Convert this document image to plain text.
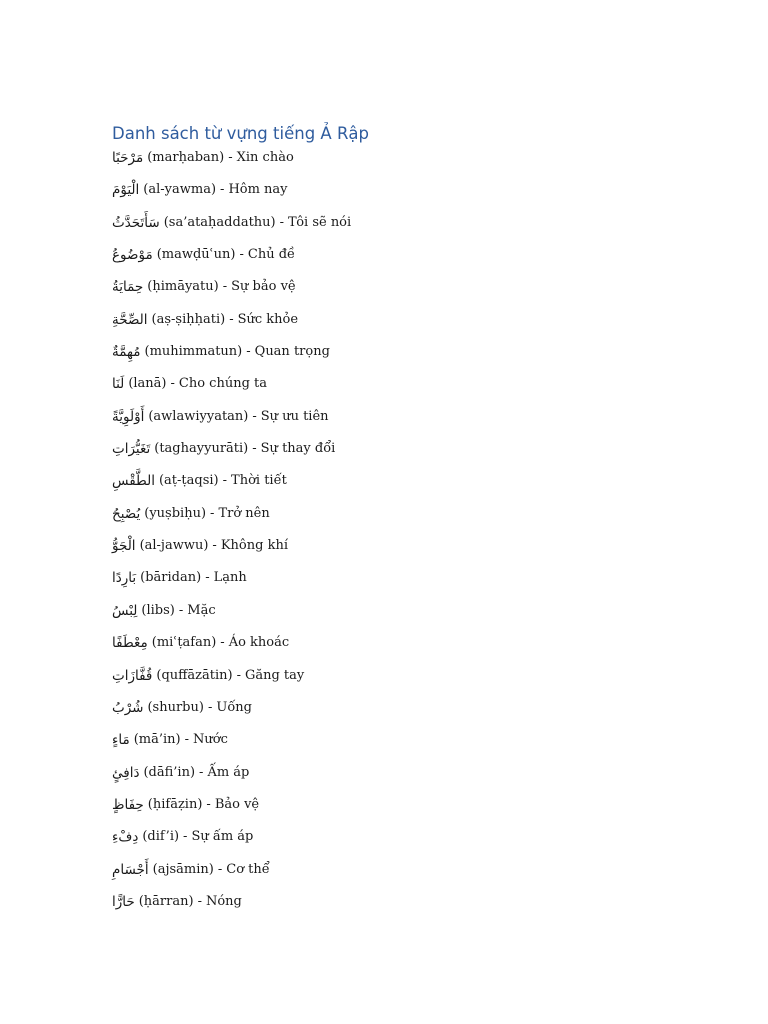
Danh sách từ vựng tiếng Ả Rập
مَرْحَبًا (marḥaban) - Xin chào
الْيَوْمَ (al-yawma) - Hôm nay
سَأَتَحَدَّثُ (sa’ataḥaddathu) - Tôi sẽ nói
مَوْضُوعُ (mawḍūʿun) - Chủ đề
حِمَايَةُ (ḥimāyatu) - Sự bảo vệ
الصِّحَّةِ (aṣ-ṣiḥḥati) - Sức khỏe
مُهِمَّةٌ (muhimmatun) - Quan trọng
لَنَا (lanā) - Cho chúng ta
أَوْلَوِيَّةً (awlawiyyatan) - Sự ưu tiên
تَغَيُّرَاتِ (taghayyurāti) - Sự thay đổi
الطَّقْسِ (aṭ-ṭaqsi) - Thời tiết
يُصْبِحُ (yuṣbiḥu) - Trở nên
الْجَوُّ (al-jawwu) - Không khí
بَارِدًا (bāridan) - Lạnh
لِبْسُ (libs) - Mặc
مِعْطَفًا (miʿṭafan) - Áo khoác
قُفَّازَاتِ (quffāzātin) - Găng tay
شُرْبُ (shurbu) - Uống
مَاءٍ (mā’in) - Nước
دَافِئٍ (dāfi’in) - Ấm áp
حِفَاظٍ (ḥifāẓin) - Bảo vệ
دِفْءِ (dif’i) - Sự ấm áp
أَجْسَامِ (ajsāmin) - Cơ thể
حَارًّا (ḥārran) - Nóng
